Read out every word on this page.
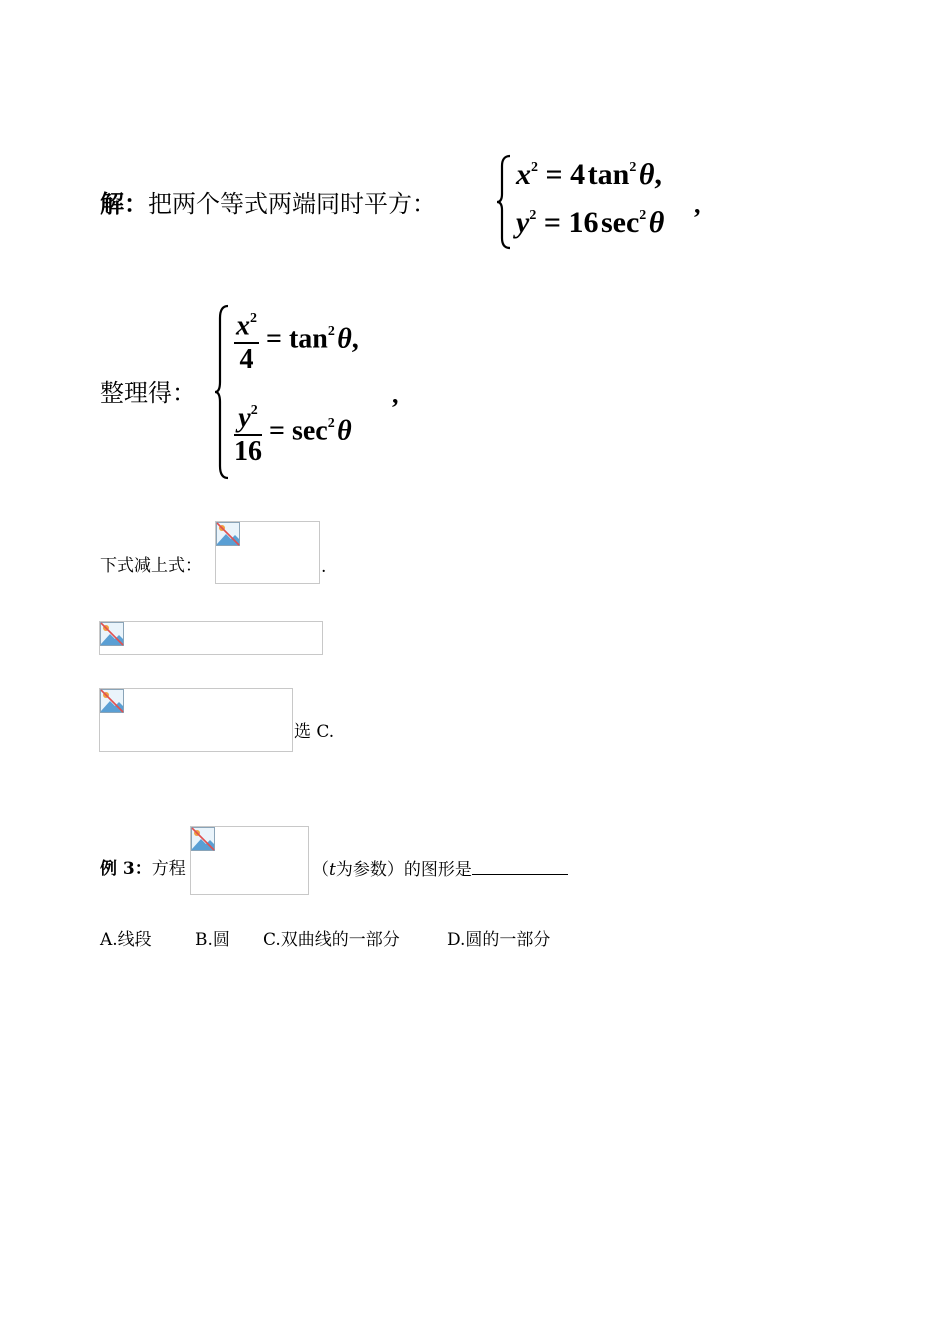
解：把两个等式两端同时平方：
$x^2 = 4$ $\tan^2$ θ,
$y^2 = 16$ $\sec^2$ θ
,
整理得：
$\frac{x^2}{4} = \tan^2$ θ,
$\frac{y^2}{16} = \sec^2$ θ
,
下式减上式：	.
选 C.
例 3：方程	（t为参数）的图形是
A.线段	B.圆 C.双曲线的一部分	D.圆的一部分
